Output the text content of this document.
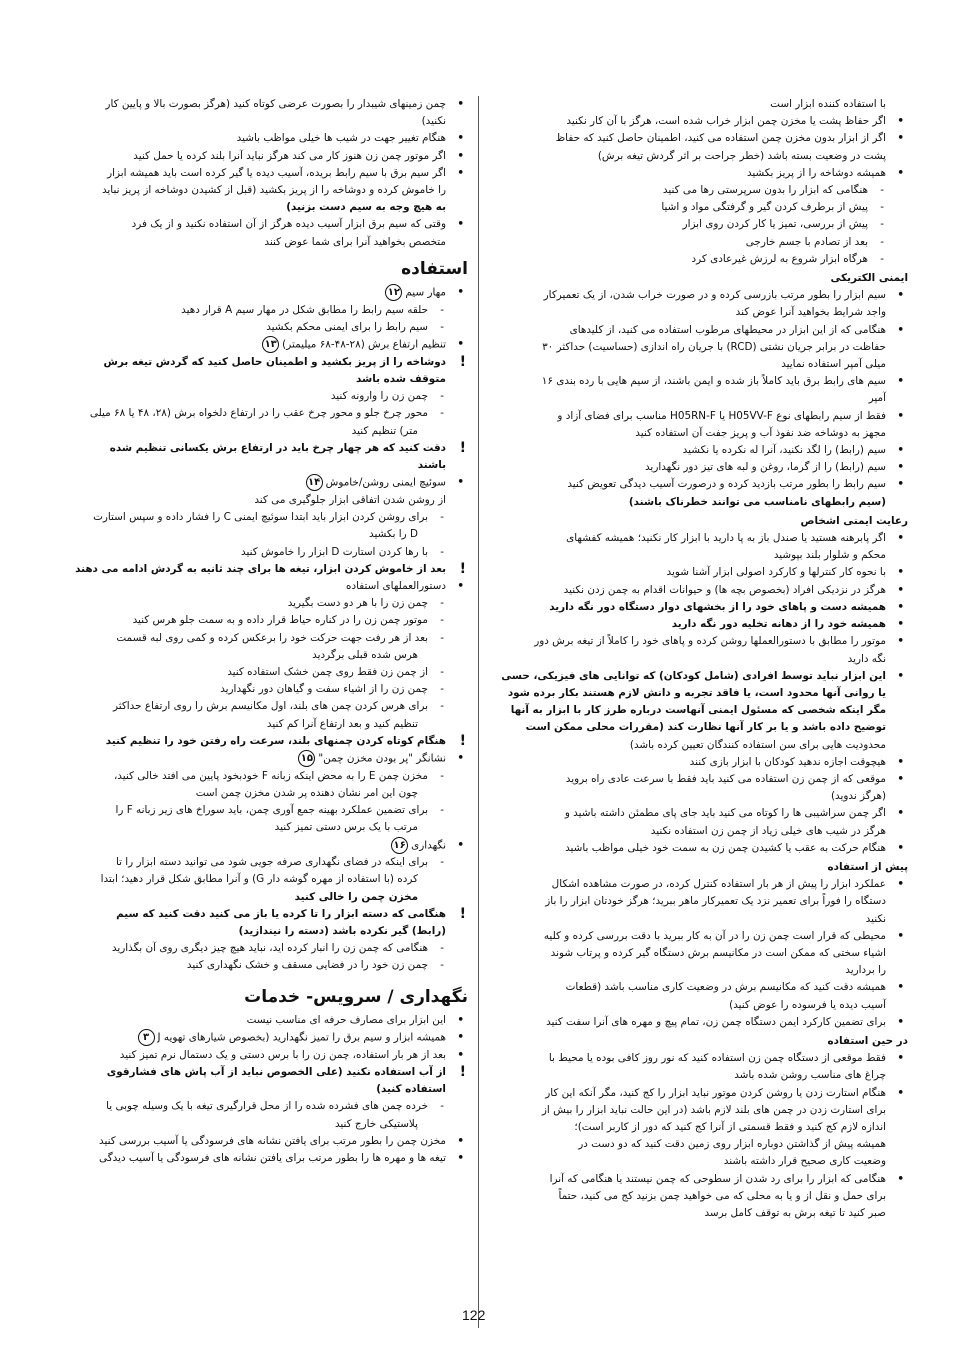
با استفاده کننده ابزار است
•
اگر حفاظ پشت یا مخزن چمن ابزار خراب شده است، هرگز با آن کار نکنید
•
اگر از ابزار بدون مخزن چمن استفاده می کنید، اطمینان حاصل کنید که حفاظ
پشت در وضعیت بسته باشد (خطر جراحت بر اثر گردش تیغه برش)
•
همیشه دوشاخه را از پریز بکشید
-
هنگامی که ابزار را بدون سرپرستی رها می کنید
-
پیش از برطرف کردن گیر و گرفتگی مواد و اشیا
-
پیش از بررسی، تمیز یا کار کردن روی ابزار
-
بعد از تصادم با جسم خارجی
-
هرگاه ابزار شروع به لرزش غیرعادی کرد
ایمنی الکتریکی
•
سیم ابزار را بطور مرتب بازرسی کرده و در صورت خراب شدن، از یک تعمیرکار
واجد شرایط بخواهید آنرا عوض کند
•
هنگامی که از این ابزار در محیطهای مرطوب استفاده می کنید، از کلیدهای
حفاظت در برابر جریان نشتی (RCD) با جریان راه اندازی (حساسیت) حداکثر ۳۰
میلی آمپر استفاده نمایید
•
سیم های رابط برق باید کاملاً باز شده و ایمن باشند، از سیم هایی با رده بندی ۱۶
آمپر
•
فقط از سیم رابطهای نوع H05VV-F یا H05RN-F مناسب برای فضای آزاد و
مجهز به دوشاخه ضد نفوذ آب و پریز جفت آن استفاده کنید
•
سیم (رابط) را لگد نکنید، آنرا له نکرده یا نکشید
•
سیم (رابط) را از گرما، روغن و لبه های تیز دور نگهدارید
•
سیم رابط را بطور مرتب بازدید کرده و درصورت آسیب دیدگی تعویض کنید
(سیم رابطهای نامناسب می توانند خطرناک باشند)
رعایت ایمنی اشخاص
•
اگر پابرهنه هستید یا صندل باز به پا دارید با ابزار کار نکنید؛ همیشه کفشهای
محکم و شلوار بلند بپوشید
•
با نحوه کار کنترلها و کارکرد اصولی ابزار آشنا شوید
•
هرگز در نزدیکی افراد (بخصوص بچه ها) و حیوانات اقدام به چمن زدن نکنید
•
همیشه دست و پاهای خود را از بخشهای دوار دستگاه دور نگه دارید
•
همیشه خود را از دهانه تخلیه دور نگه دارید
•
موتور را مطابق با دستورالعملها روشن کرده و پاهای خود را کاملاً از تیغه برش دور
نگه دارید
•
این ابزار نباید توسط افرادی (شامل کودکان) که توانایی های فیزیکی، حسی
یا روانی آنها محدود است، یا فاقد تجربه و دانش لازم هستند بکار برده شود
مگر اینکه شخصی که مسئول ایمنی آنهاست درباره طرز کار با ابزار به آنها
توضیح داده باشد و یا بر کار آنها نظارت کند (مقررات محلی ممکن است
محدودیت هایی برای سن استفاده کنندگان تعیین کرده باشد)
•
هیچوقت اجازه ندهید کودکان با ابزار بازی کنند
•
موقعی که از چمن زن استفاده می کنید باید فقط با سرعت عادی راه بروید
(هرگز ندوید)
•
اگر چمن سراشیبی ها را کوتاه می کنید باید جای پای مطمئن داشته باشید و
هرگز در شیب های خیلی زیاد از چمن زن استفاده نکنید
•
هنگام حرکت به عقب یا کشیدن چمن زن به سمت خود خیلی مواظب باشید
پیش از استفاده
•
عملکرد ابزار را پیش از هر بار استفاده کنترل کرده، در صورت مشاهده اشکال
دستگاه را فوراً برای تعمیر نزد یک تعمیرکار ماهر ببرید؛ هرگز خودتان ابزار را باز
نکنید
•
محیطی که قرار است چمن زن را در آن به کار ببرید با دقت بررسی کرده و کلیه
اشیاء سختی که ممکن است در مکانیسم برش دستگاه گیر کرده و پرتاب شوند
را بردارید
•
همیشه دقت کنید که مکانیسم برش در وضعیت کاری مناسب باشد (قطعات
آسیب دیده یا فرسوده را عوض کنید)
•
برای تضمین کارکرد ایمن دستگاه چمن زن، تمام پیچ و مهره های آنرا سفت کنید
در حین استفاده
•
فقط موقعی از دستگاه چمن زن استفاده کنید که نور روز کافی بوده یا محیط با
چراغ های مناسب روشن شده باشد
•
هنگام استارت زدن یا روشن کردن موتور نباید ابزار را کج کنید، مگر آنکه این کار
برای استارت زدن در چمن های بلند لازم باشد (در این حالت نباید ابزار را بیش از
اندازه لازم کج کنید و فقط قسمتی از آنرا کج کنید که دور از کاربر است)؛
همیشه پیش از گذاشتن دوباره ابزار روی زمین دقت کنید که دو دست در
وضعیت کاری صحیح قرار داشته باشند
•
هنگامی که ابزار را برای رد شدن از سطوحی که چمن نیستند یا هنگامی که آنرا
برای حمل و نقل از و یا به محلی که می خواهید چمن بزنید کج می کنید، حتماً
صبر کنید تا تیغه برش به توقف کامل برسد
•
چمن زمینهای شیبدار را بصورت عرضی کوتاه کنید (هرگز بصورت بالا و پایین کار
نکنید)
•
هنگام تغییر جهت در شیب ها خیلی مواظب باشید
•
اگر موتور چمن زن هنوز کار می کند هرگز نباید آنرا بلند کرده یا حمل کنید
•
اگر سیم برق با سیم رابط بریده، آسیب دیده یا گیر کرده است باید همیشه ابزار
را خاموش کرده و دوشاخه را از پریز بکشید (قبل از کشیدن دوشاخه از پریز نباید
به هیچ وجه به سیم دست بزنید)
•
وقتی که سیم برق ابزار آسیب دیده هرگز از آن استفاده نکنید و از یک فرد
متخصص بخواهید آنرا برای شما عوض کنند
استفاده
•
مهار سیم۱۲
-
حلقه سیم رابط را مطابق شکل در مهار سیم A قرار دهید
-
سیم رابط را برای ایمنی محکم بکشید
•
تنظیم ارتفاع برش (۲۸-۴۸-۶۸ میلیمتر)۱۳
!
دوشاخه را از پریز بکشید و اطمینان حاصل کنید که گردش تیغه برش
متوقف شده باشد
-
چمن زن را وارونه کنید
-
محور چرخ جلو و محور چرخ عقب را در ارتفاع دلخواه برش (۲۸، ۴۸ یا ۶۸ میلی
متر) تنظیم کنید
!
دقت کنید که هر چهار چرخ باید در ارتفاع برش یکسانی تنظیم شده
باشند
•
سوئیچ ایمنی روشن/خاموش۱۴
از روشن شدن اتفاقی ابزار جلوگیری می کند
-
برای روشن کردن ابزار باید ابتدا سوئیچ ایمنی C را فشار داده و سپس استارت
D را بکشید
-
با رها کردن استارت D ابزار را خاموش کنید
!
بعد از خاموش کردن ابزار، تیغه ها برای چند ثانیه به گردش ادامه می دهند
•
دستورالعملهای استفاده
-
چمن زن را با هر دو دست بگیرید
-
موتور چمن زن را در کناره حیاط قرار داده و به سمت جلو هرس کنید
-
بعد از هر رفت جهت حرکت خود را برعکس کرده و کمی روی لبه قسمت
هرس شده قبلی برگردید
-
از چمن زن فقط روی چمن خشک استفاده کنید
-
چمن زن را از اشیاء سفت و گیاهان دور نگهدارید
-
برای هرس کردن چمن های بلند، اول مکانیسم برش را روی ارتفاع حداکثر
تنظیم کنید و بعد ارتفاع آنرا کم کنید
!
هنگام کوتاه کردن چمنهای بلند، سرعت راه رفتن خود را تنظیم کنید
•
نشانگر "پر بودن مخزن چمن"۱۵
-
مخزن چمن E را به محض اینکه زبانه F خودبخود پایین می افتد خالی کنید،
چون این امر نشان دهنده پر شدن مخزن چمن است
-
برای تضمین عملکرد بهینه جمع آوری چمن، باید سوراخ های زیر زبانه F را
مرتب با یک برس دستی تمیز کنید
•
نگهداری۱۶
-
برای اینکه در فضای نگهداری صرفه جویی شود می توانید دسته ابزار را تا
کرده (با استفاده از مهره گوشه دار G) و آنرا مطابق شکل قرار دهید؛ ابتدا
مخزن چمن را خالی کنید
!
هنگامی که دسته ابزار را تا کرده یا باز می کنید دقت کنید که سیم
(رابط) گیر نکرده باشد (دسته را نیندازید)
-
هنگامی که چمن زن را انبار کرده اید، نباید هیچ چیز دیگری روی آن بگذارید
-
چمن زن خود را در فضایی مسقف و خشک نگهداری کنید
نگهداری / سرویس- خدمات
•
این ابزار برای مصارف حرفه ای مناسب نیست
•
همیشه ابزار و سیم برق را تمیز نگهدارید (بخصوص شیارهای تهویه J۳
•
بعد از هر بار استفاده، چمن زن را با برس دستی و یک دستمال نرم تمیز کنید
!
از آب استفاده نکنید (علی الخصوص نباید از آب پاش های فشارقوی
استفاده کنید)
-
خرده چمن های فشرده شده را از محل قرارگیری تیغه با یک وسیله چوبی یا
پلاستیکی خارج کنید
•
مخزن چمن را بطور مرتب برای یافتن نشانه های فرسودگی یا آسیب بررسی کنید
•
تیغه ها و مهره ها را بطور مرتب برای یافتن نشانه های فرسودگی یا آسیب دیدگی
122
